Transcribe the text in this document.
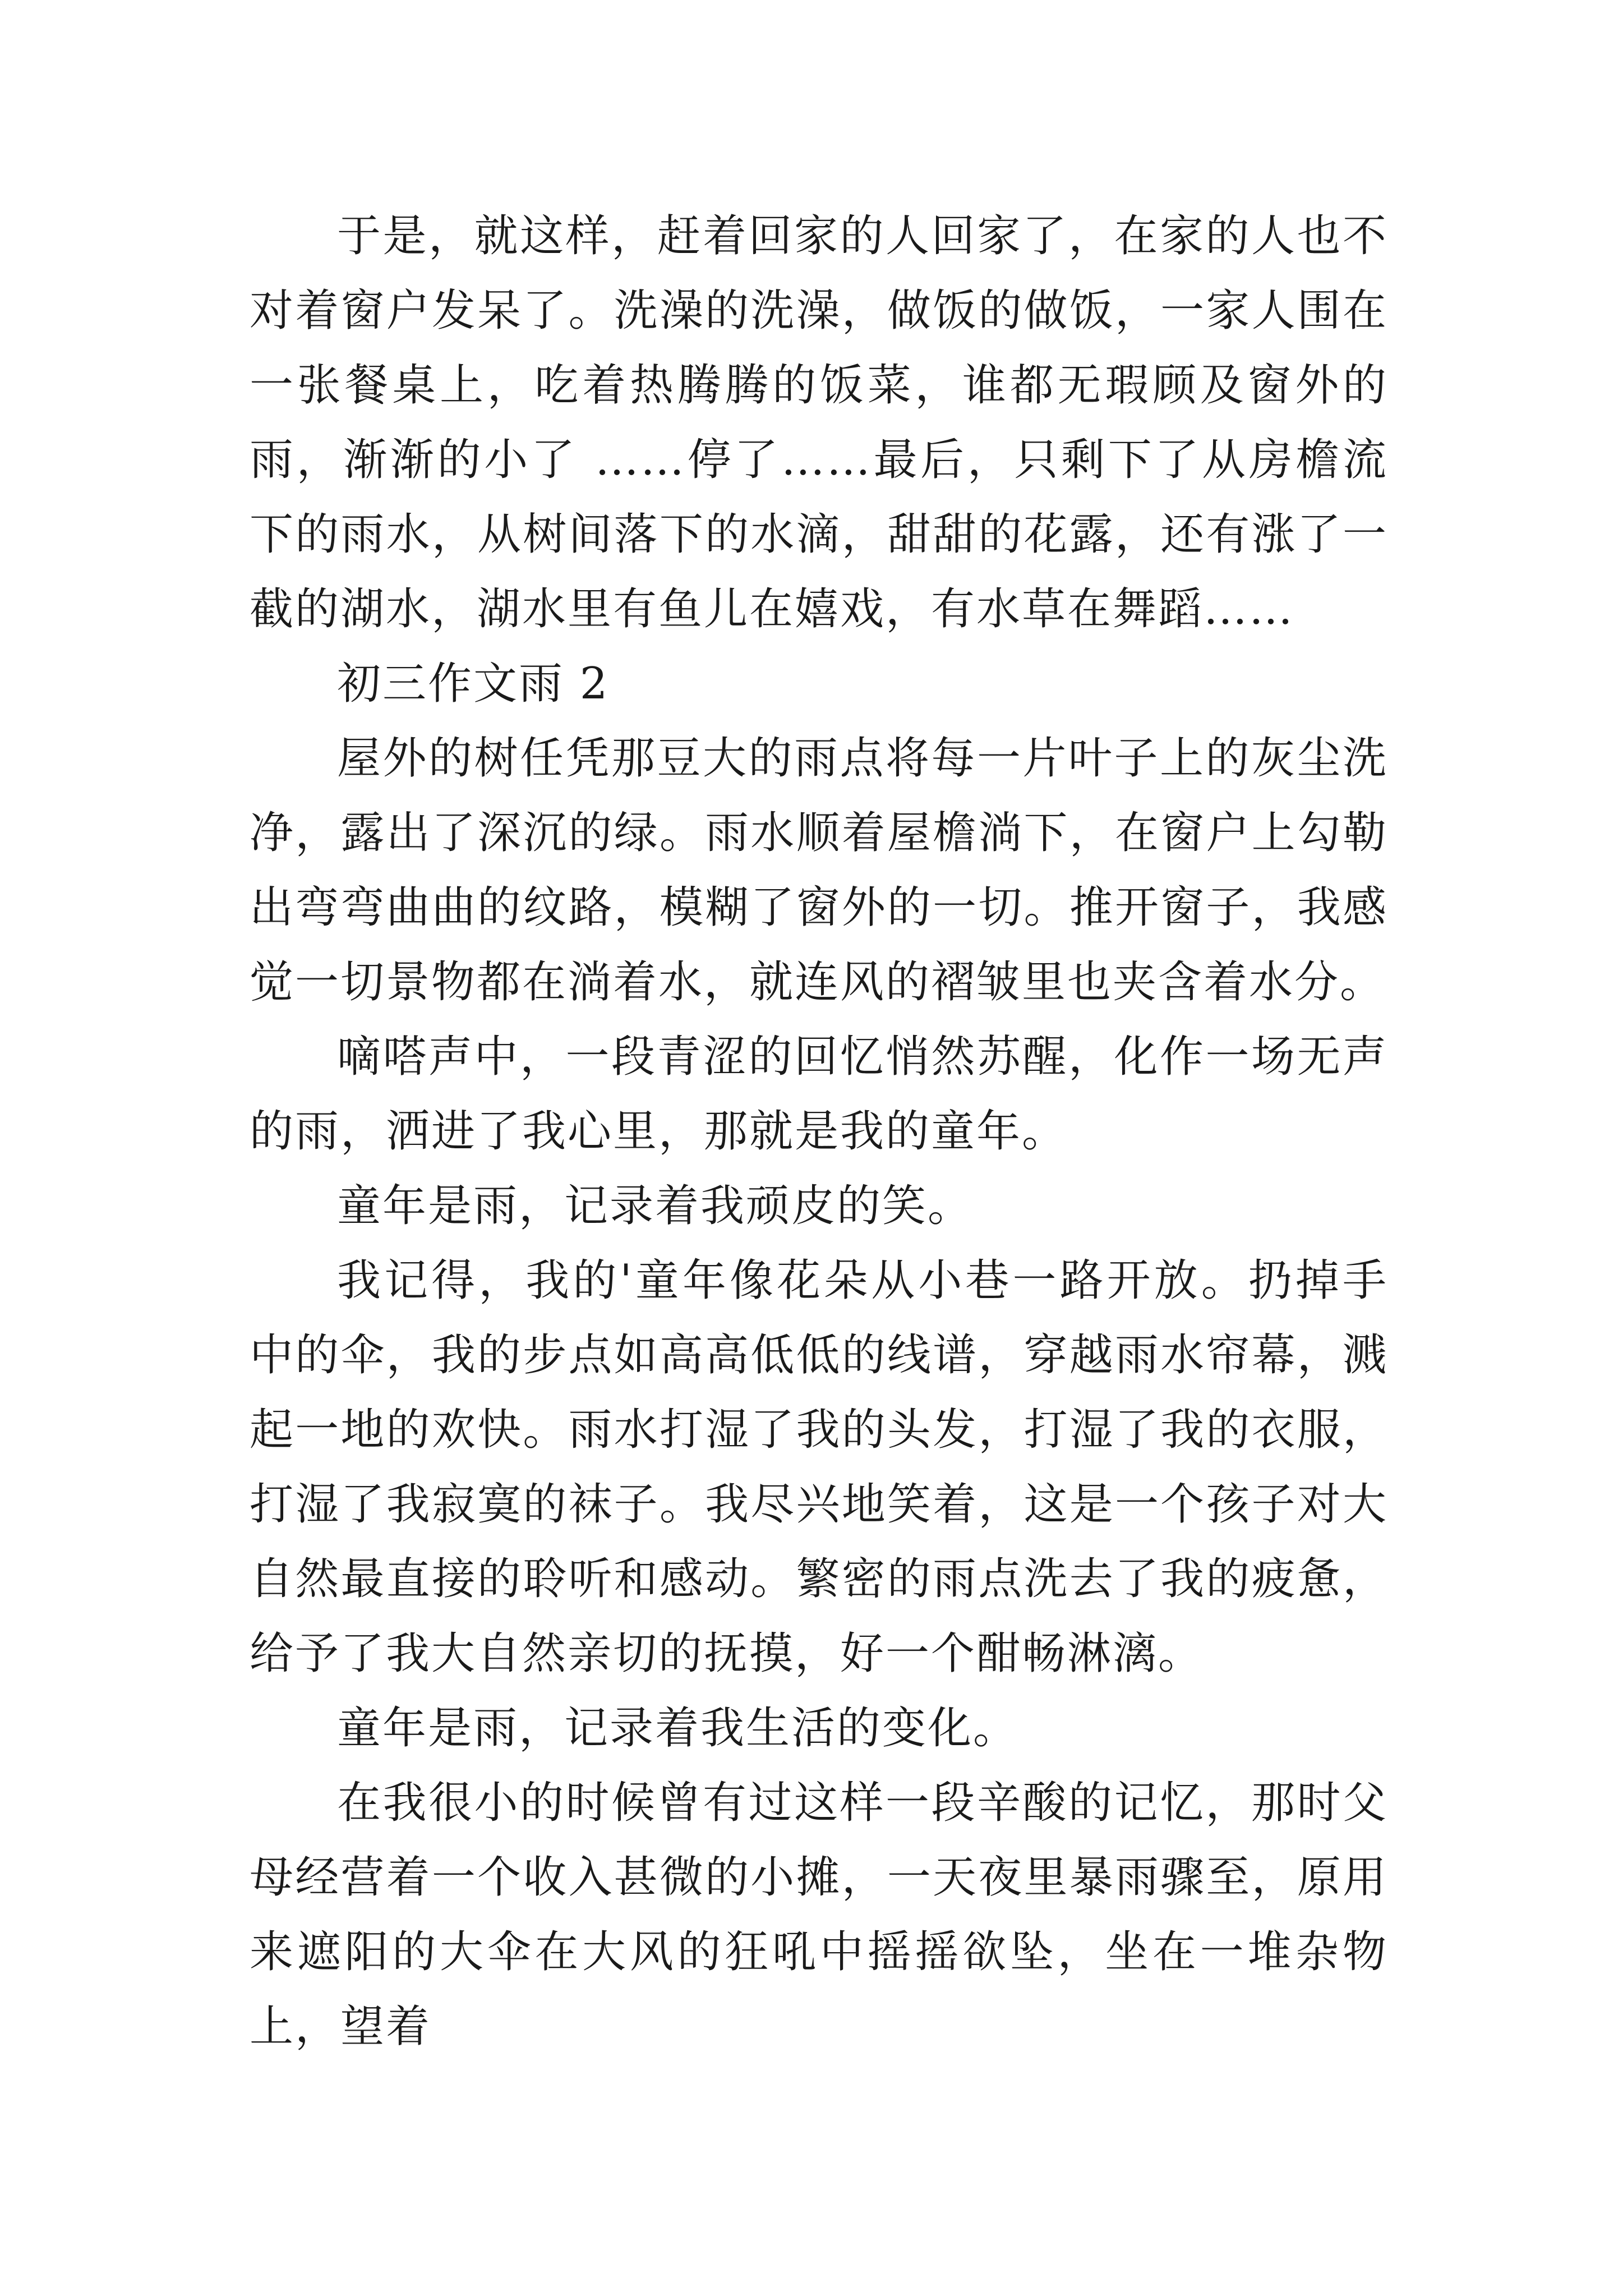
于是，就这样，赶着回家的人回家了，在家的人也不对着窗户发呆了。洗澡的洗澡，做饭的做饭，一家人围在一张餐桌上，吃着热腾腾的饭菜，谁都无瑕顾及窗外的雨，渐渐的小了 ……停了……最后，只剩下了从房檐流下的雨水，从树间落下的水滴，甜甜的花露，还有涨了一截的湖水，湖水里有鱼儿在嬉戏，有水草在舞蹈……

初三作文雨 2

屋外的树任凭那豆大的雨点将每一片叶子上的灰尘洗净，露出了深沉的绿。雨水顺着屋檐淌下，在窗户上勾勒出弯弯曲曲的纹路，模糊了窗外的一切。推开窗子，我感觉一切景物都在淌着水，就连风的褶皱里也夹含着水分。

嘀嗒声中，一段青涩的回忆悄然苏醒，化作一场无声的雨，洒进了我心里，那就是我的童年。

童年是雨，记录着我顽皮的笑。

我记得，我的'童年像花朵从小巷一路开放。扔掉手中的伞，我的步点如高高低低的线谱，穿越雨水帘幕，溅起一地的欢快。雨水打湿了我的头发，打湿了我的衣服，打湿了我寂寞的袜子。我尽兴地笑着，这是一个孩子对大自然最直接的聆听和感动。繁密的雨点洗去了我的疲惫，给予了我大自然亲切的抚摸，好一个酣畅淋漓。

童年是雨，记录着我生活的变化。

在我很小的时候曾有过这样一段辛酸的记忆，那时父母经营着一个收入甚微的小摊，一天夜里暴雨骤至，原用来遮阳的大伞在大风的狂吼中摇摇欲坠，坐在一堆杂物上，望着
